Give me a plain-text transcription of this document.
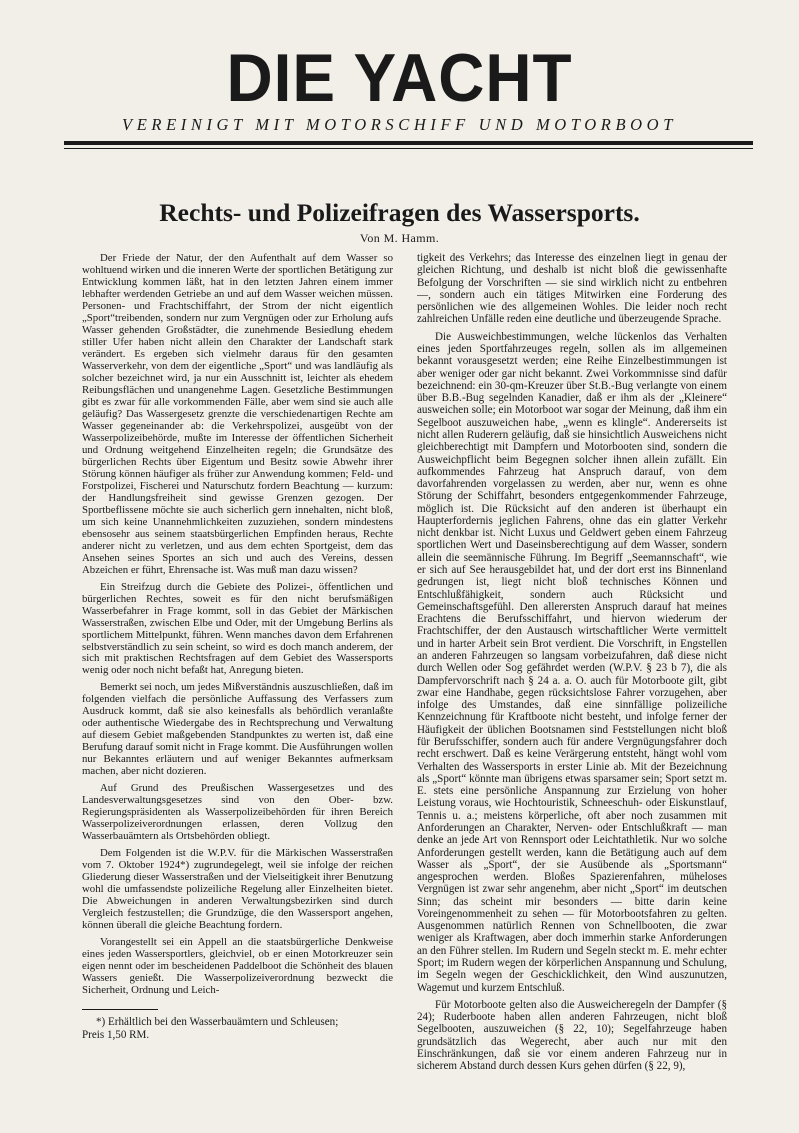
DIE YACHT
VEREINIGT MIT MOTORSCHIFF UND MOTORBOOT
Rechts- und Polizeifragen des Wassersports.
Von M. Hamm.

Der Friede der Natur, der den Aufenthalt auf dem Wasser so wohltuend wirken und die inneren Werte der sportlichen Betätigung zur Entwicklung kommen läßt, hat in den letzten Jahren einem immer lebhafter werdenden Getriebe an und auf dem Wasser weichen müssen. Personen- und Frachtschiffahrt, der Strom der nicht eigentlich „Sport“treibenden, sondern nur zum Vergnügen oder zur Erholung aufs Wasser gehenden Großstädter, die zunehmende Besiedlung ehedem stiller Ufer haben nicht allein den Charakter der Landschaft stark verändert. Es ergeben sich vielmehr daraus für den gesamten Wasserverkehr, von dem der eigentliche „Sport“ und was landläufig als solcher bezeichnet wird, ja nur ein Ausschnitt ist, leichter als ehedem Reibungsflächen und unangenehme Lagen. Gesetzliche Bestimmungen gibt es zwar für alle vorkommenden Fälle, aber wem sind sie auch alle geläufig? Das Wassergesetz grenzte die verschiedenartigen Rechte am Wasser gegeneinander ab: die Verkehrspolizei, ausgeübt von der Wasserpolizeibehörde, mußte im Interesse der öffentlichen Sicherheit und Ordnung weitgehend Einzelheiten regeln; die Grundsätze des bürgerlichen Rechts über Eigentum und Besitz sowie Abwehr ihrer Störung können häufiger als früher zur Anwendung kommen; Feld- und Forstpolizei, Fischerei und Naturschutz fordern Beachtung — kurzum: der Handlungsfreiheit sind gewisse Grenzen gezogen. Der Sportbeflissene möchte sie auch sicherlich gern innehalten, nicht bloß, um sich keine Unannehmlichkeiten zuzuziehen, sondern mindestens ebensosehr aus seinem staatsbürgerlichen Empfinden heraus, Rechte anderer nicht zu verletzen, und aus dem echten Sportgeist, dem das Ansehen seines Sportes an sich und auch des Vereins, dessen Abzeichen er führt, Ehrensache ist. Was muß man dazu wissen?

Ein Streifzug durch die Gebiete des Polizei-, öffentlichen und bürgerlichen Rechtes, soweit es für den nicht berufsmäßigen Wasserbefahrer in Frage kommt, soll in das Gebiet der Märkischen Wasserstraßen, zwischen Elbe und Oder, mit der Umgebung Berlins als sportlichem Mittelpunkt, führen. Wenn manches davon dem Erfahrenen selbstverständlich zu sein scheint, so wird es doch manch anderem, der sich mit praktischen Rechtsfragen auf dem Gebiet des Wassersports wenig oder noch nicht befaßt hat, Anregung bieten.

Bemerkt sei noch, um jedes Mißverständnis auszuschließen, daß im folgenden vielfach die persönliche Auffassung des Verfassers zum Ausdruck kommt, daß sie also keinesfalls als behördlich veranlaßte oder authentische Wiedergabe des in Rechtsprechung und Verwaltung auf diesem Gebiet maßgebenden Standpunktes zu werten ist, daß eine Berufung darauf somit nicht in Frage kommt. Die Ausführungen wollen nur Bekanntes erläutern und auf weniger Bekanntes aufmerksam machen, aber nicht dozieren.

Auf Grund des Preußischen Wassergesetzes und des Landesverwaltungsgesetzes sind von den Ober- bzw. Regierungspräsidenten als Wasserpolizeibehörden für ihren Bereich Wasserpolizeiverordnungen erlassen, deren Vollzug den Wasserbauämtern als Ortsbehörden obliegt.

Dem Folgenden ist die W.P.V. für die Märkischen Wasserstraßen vom 7. Oktober 1924*) zugrundegelegt, weil sie infolge der reichen Gliederung dieser Wasserstraßen und der Vielseitigkeit ihrer Benutzung wohl die umfassendste polizeiliche Regelung aller Einzelheiten bietet. Die Abweichungen in anderen Verwaltungsbezirken sind durch Vergleich festzustellen; die Grundzüge, die den Wassersport angehen, können überall die gleiche Beachtung fordern.

Vorangestellt sei ein Appell an die staatsbürgerliche Denkweise eines jeden Wassersportlers, gleichviel, ob er einen Motorkreuzer sein eigen nennt oder im bescheidenen Paddelboot die Schönheit des blauen Wassers genießt. Die Wasserpolizeiverordnung bezweckt die Sicherheit, Ordnung und Leich-

tigkeit des Verkehrs; das Interesse des einzelnen liegt in genau der gleichen Richtung, und deshalb ist nicht bloß die gewissenhafte Befolgung der Vorschriften — sie sind wirklich nicht zu entbehren —, sondern auch ein tätiges Mitwirken eine Forderung des persönlichen wie des allgemeinen Wohles. Die leider noch recht zahlreichen Unfälle reden eine deutliche und überzeugende Sprache.

Die Ausweichbestimmungen, welche lückenlos das Verhalten eines jeden Sportfahrzeuges regeln, sollen als im allgemeinen bekannt vorausgesetzt werden; eine Reihe Einzelbestimmungen ist aber weniger oder gar nicht bekannt. Zwei Vorkommnisse sind dafür bezeichnend: ein 30-qm-Kreuzer über St.B.-Bug verlangte von einem über B.B.-Bug segelnden Kanadier, daß er ihm als der „Kleinere“ ausweichen solle; ein Motorboot war sogar der Meinung, daß ihm ein Segelboot auszuweichen habe, „wenn es klingle“. Andererseits ist nicht allen Ruderern geläufig, daß sie hinsichtlich Ausweichens nicht gleichberechtigt mit Dampfern und Motorbooten sind, sondern die Ausweichpflicht beim Begegnen solcher ihnen allein zufällt. Ein aufkommendes Fahrzeug hat Anspruch darauf, von dem davorfahrenden vorgelassen zu werden, aber nur, wenn es ohne Störung der Schiffahrt, besonders entgegenkommender Fahrzeuge, möglich ist. Die Rücksicht auf den anderen ist überhaupt ein Haupterfordernis jeglichen Fahrens, ohne das ein glatter Verkehr nicht denkbar ist. Nicht Luxus und Geldwert geben einem Fahrzeug sportlichen Wert und Daseinsberechtigung auf dem Wasser, sondern allein die seemännische Führung. Im Begriff „Seemannschaft“, wie er sich auf See herausgebildet hat, und der dort erst ins Binnenland gedrungen ist, liegt nicht bloß technisches Können und Entschlußfähigkeit, sondern auch Rücksicht und Gemeinschaftsgefühl. Den allerersten Anspruch darauf hat meines Erachtens die Berufsschiffahrt, und hiervon wiederum der Frachtschiffer, der den Austausch wirtschaftlicher Werte vermittelt und in harter Arbeit sein Brot verdient. Die Vorschrift, in Engstellen an anderen Fahrzeugen so langsam vorbeizufahren, daß diese nicht durch Wellen oder Sog gefährdet werden (W.P.V. § 23 b 7), die als Dampfervorschrift nach § 24 a. a. O. auch für Motorboote gilt, gibt zwar eine Handhabe, gegen rücksichtslose Fahrer vorzugehen, aber infolge des Umstandes, daß eine sinnfällige polizeiliche Kennzeichnung für Kraftboote nicht besteht, und infolge ferner der Häufigkeit der üblichen Bootsnamen sind Feststellungen nicht bloß für Berufsschiffer, sondern auch für andere Vergnügungsfahrer doch recht erschwert. Daß es keine Verärgerung entsteht, hängt wohl vom Verhalten des Wassersports in erster Linie ab. Mit der Bezeichnung als „Sport“ könnte man übrigens etwas sparsamer sein; Sport setzt m. E. stets eine persönliche Anspannung zur Erzielung von hoher Leistung voraus, wie Hochtouristik, Schneeschuh- oder Eiskunstlauf, Tennis u. a.; meistens körperliche, oft aber noch zusammen mit Anforderungen an Charakter, Nerven- oder Entschlußkraft — man denke an jede Art von Rennsport oder Leichtathletik. Nur wo solche Anforderungen gestellt werden, kann die Betätigung auch auf dem Wasser als „Sport“, der sie Ausübende als „Sportsmann“ angesprochen werden. Bloßes Spazierenfahren, müheloses Vergnügen ist zwar sehr angenehm, aber nicht „Sport“ im deutschen Sinn; das scheint mir besonders — bitte darin keine Voreingenommenheit zu sehen — für Motorbootsfahren zu gelten. Ausgenommen natürlich Rennen von Schnellbooten, die zwar weniger als Kraftwagen, aber doch immerhin starke Anforderungen an den Führer stellen. Im Rudern und Segeln steckt m. E. mehr echter Sport; im Rudern wegen der körperlichen Anspannung und Schulung, im Segeln wegen der Geschicklichkeit, den Wind auszunutzen, Wagemut und kurzem Entschluß.

Für Motorboote gelten also die Ausweicheregeln der Dampfer (§ 24); Ruderboote haben allen anderen Fahrzeugen, nicht bloß Segelbooten, auszuweichen (§ 22, 10); Segelfahrzeuge haben grundsätzlich das Wegerecht, aber auch nur mit den Einschränkungen, daß sie vor einem anderen Fahrzeug nur in sicherem Abstand durch dessen Kurs gehen dürfen (§ 22, 9),

*) Erhältlich bei den Wasserbauämtern und Schleusen;
Preis 1,50 RM.
